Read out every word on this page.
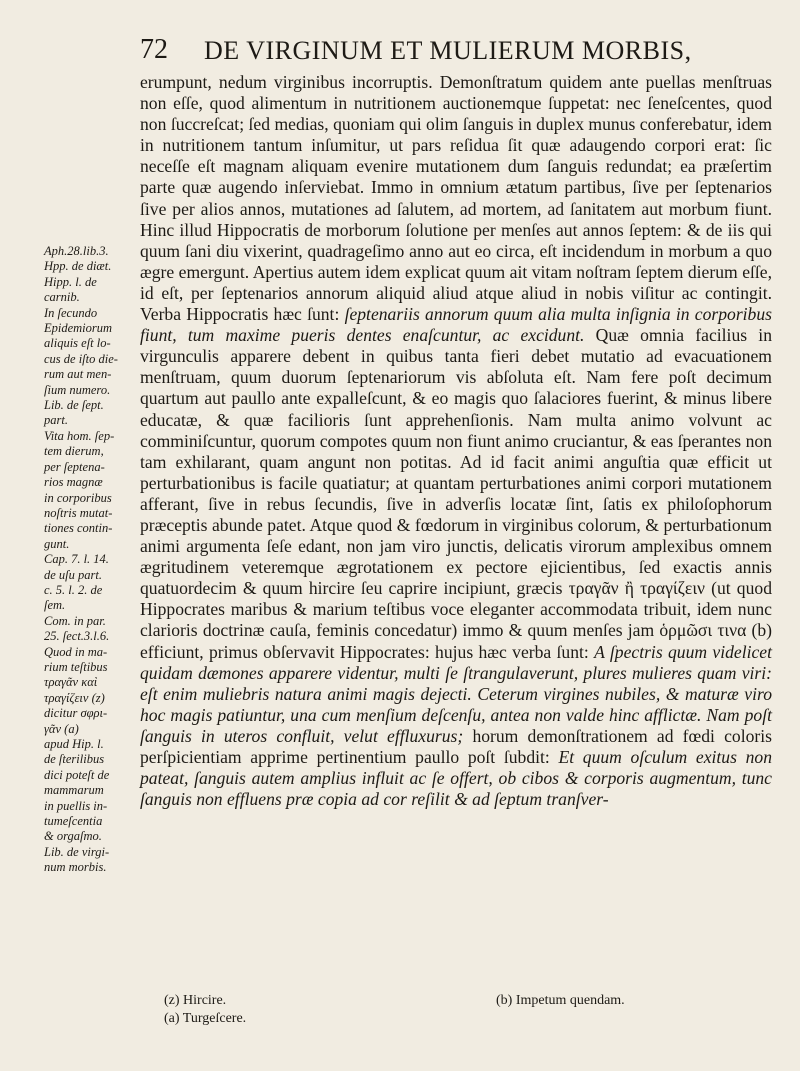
72 DE VIRGINUM ET MULIERUM MORBIS,
Aph.28.lib.3.
Hpp. de diæt.
Hipp. l. de
carnib.
In ſecundo
Epidemiorum
aliquis eſt lo-
cus de iſto die-
rum aut men-
ſium numero.
Lib. de ſept.
part.
Vita hom. ſep-
tem dierum,
per ſeptena-
rios magnæ
in corporibus
noſtris mutat-
tiones contin-
gunt.
Cap. 7. l. 14.
de uſu part.
c. 5. l. 2. de
ſem.
Com. in par.
25. ſect.3.l.6.
Quod in ma-
rium teſtibus
τραγᾶν καὶ
τραγίζειν (z)
dicitur σφρι-
γᾶν (a)
apud Hip. l.
de ſterilibus
dici poteſt de
mammarum
in puellis in-
tumeſcentia
& orgaſmo.
Lib. de virgi-
num morbis.

erumpunt, nedum virginibus incorruptis. Demonſtratum quidem ante puellas menſtruas non eſſe, quod alimentum in nutritionem auctionemque ſuppetat: nec ſeneſcentes, quod non ſuccreſcat; ſed medias, quoniam qui olim ſanguis in duplex munus conferebatur, idem in nutritionem tantum inſumitur, ut pars reſidua ſit quæ adaugendo corpori erat: ſic neceſſe eſt magnam aliquam evenire mutationem dum ſanguis redundat; ea præſertim parte quæ augendo inſerviebat. Immo in omnium ætatum partibus, ſive per ſeptenarios ſive per alios annos, mutationes ad ſalutem, ad mortem, ad ſanitatem aut morbum fiunt. Hinc illud Hippocratis de morborum ſolutione per menſes aut annos ſeptem: & de iis qui quum ſani diu vixerint, quadrageſimo anno aut eo circa, eſt incidendum in morbum a quo ægre emergunt. Apertius autem idem explicat quum ait vitam noſtram ſeptem dierum eſſe, id eſt, per ſeptenarios annorum aliquid aliud atque aliud in nobis viſitur ac contingit. Verba Hippocratis hæc ſunt: ſeptenariis annorum quum alia multa inſignia in corporibus fiunt, tum maxime pueris dentes enaſcuntur, ac excidunt. Quæ omnia facilius in virgunculis apparere debent in quibus tanta fieri debet mutatio ad evacuationem menſtruam, quum duorum ſeptenariorum vis abſoluta eſt. Nam fere poſt decimum quartum aut paullo ante expalleſcunt, & eo magis quo ſalaciores fuerint, & minus libere educatæ, & quæ facilioris ſunt apprehenſionis. Nam multa animo volvunt ac comminiſcuntur, quorum compotes quum non fiunt animo cruciantur, & eas ſperantes non tam exhilarant, quam angunt non potitas. Ad id facit animi anguſtia quæ efficit ut perturbationibus is facile quatiatur; at quantam perturbationes animi corpori mutationem afferant, ſive in rebus ſecundis, ſive in adverſis locatæ ſint, ſatis ex philoſophorum præceptis abunde patet. Atque quod & fœdorum in virginibus colorum, & perturbationum animi argumenta ſeſe edant, non jam viro junctis, delicatis virorum amplexibus omnem ægritudinem veteremque ægrotationem ex pectore ejicientibus, ſed exactis annis quatuordecim & quum hircire ſeu caprire incipiunt, græcis τραγᾶν ἢ τραγίζειν (ut quod Hippocrates maribus & marium teſtibus voce eleganter accommodata tribuit, idem nunc clarioris doctrinæ cauſa, feminis concedatur) immo & quum menſes jam ὁρμῶσι τινα (b) efficiunt, primus obſervavit Hippocrates: hujus hæc verba ſunt: A ſpectris quum videlicet quidam dæmones apparere videntur, multi ſe ſtrangulaverunt, plures mulieres quam viri: eſt enim muliebris natura animi magis dejecti. Ceterum virgines nubiles, & maturæ viro hoc magis patiuntur, una cum menſium deſcenſu, antea non valde hinc afflictæ. Nam poſt ſanguis in uteros confluit, velut effluxurus; horum demonſtrationem ad fœdi coloris perſpicientiam apprime pertinentium paullo poſt ſubdit: Et quum oſculum exitus non pateat, ſanguis autem amplius influit ac ſe offert, ob cibos & corporis augmentum, tunc ſanguis non effluens præ copia ad cor reſilit & ad ſeptum tranſver-

(z) Hircire.
(a) Turgeſcere.
(b) Impetum quendam.
